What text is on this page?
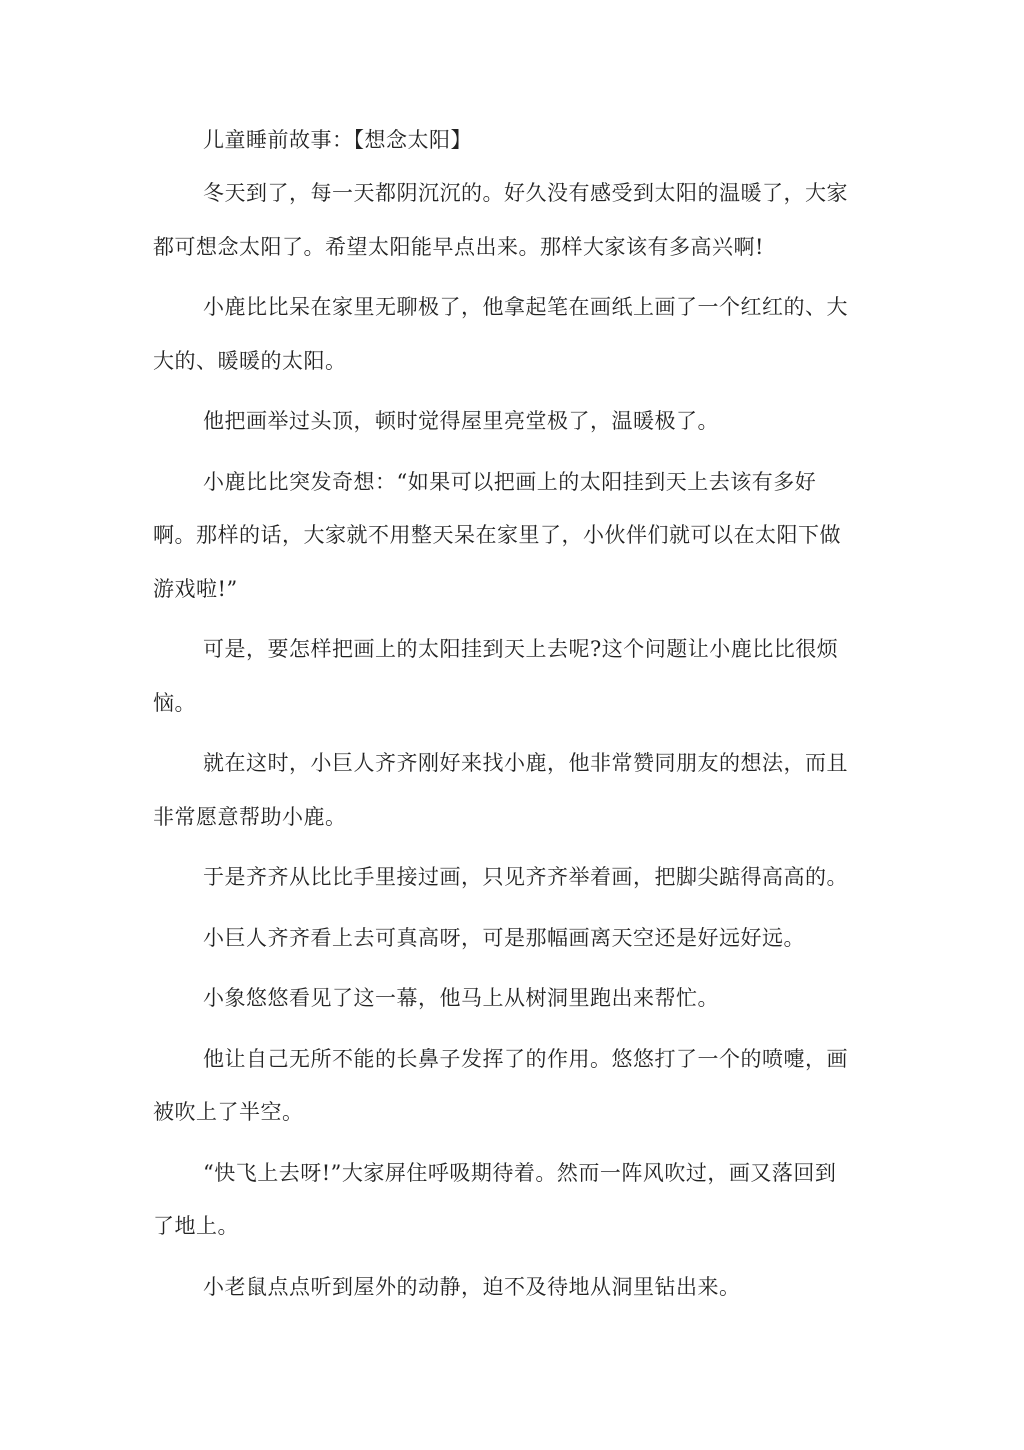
儿童睡前故事：【想念太阳】

冬天到了，每一天都阴沉沉的。好久没有感受到太阳的温暖了，大家都可想念太阳了。希望太阳能早点出来。那样大家该有多高兴啊!

小鹿比比呆在家里无聊极了，他拿起笔在画纸上画了一个红红的、大大的、暖暖的太阳。

他把画举过头顶，顿时觉得屋里亮堂极了，温暖极了。

小鹿比比突发奇想：“如果可以把画上的太阳挂到天上去该有多好啊。那样的话，大家就不用整天呆在家里了，小伙伴们就可以在太阳下做游戏啦!”

可是，要怎样把画上的太阳挂到天上去呢?这个问题让小鹿比比很烦恼。

就在这时，小巨人齐齐刚好来找小鹿，他非常赞同朋友的想法，而且非常愿意帮助小鹿。

于是齐齐从比比手里接过画，只见齐齐举着画，把脚尖踮得高高的。

小巨人齐齐看上去可真高呀，可是那幅画离天空还是好远好远。

小象悠悠看见了这一幕，他马上从树洞里跑出来帮忙。

他让自己无所不能的长鼻子发挥了的作用。悠悠打了一个的喷嚏，画被吹上了半空。

“快飞上去呀!”大家屏住呼吸期待着。然而一阵风吹过，画又落回到了地上。

小老鼠点点听到屋外的动静，迫不及待地从洞里钻出来。
